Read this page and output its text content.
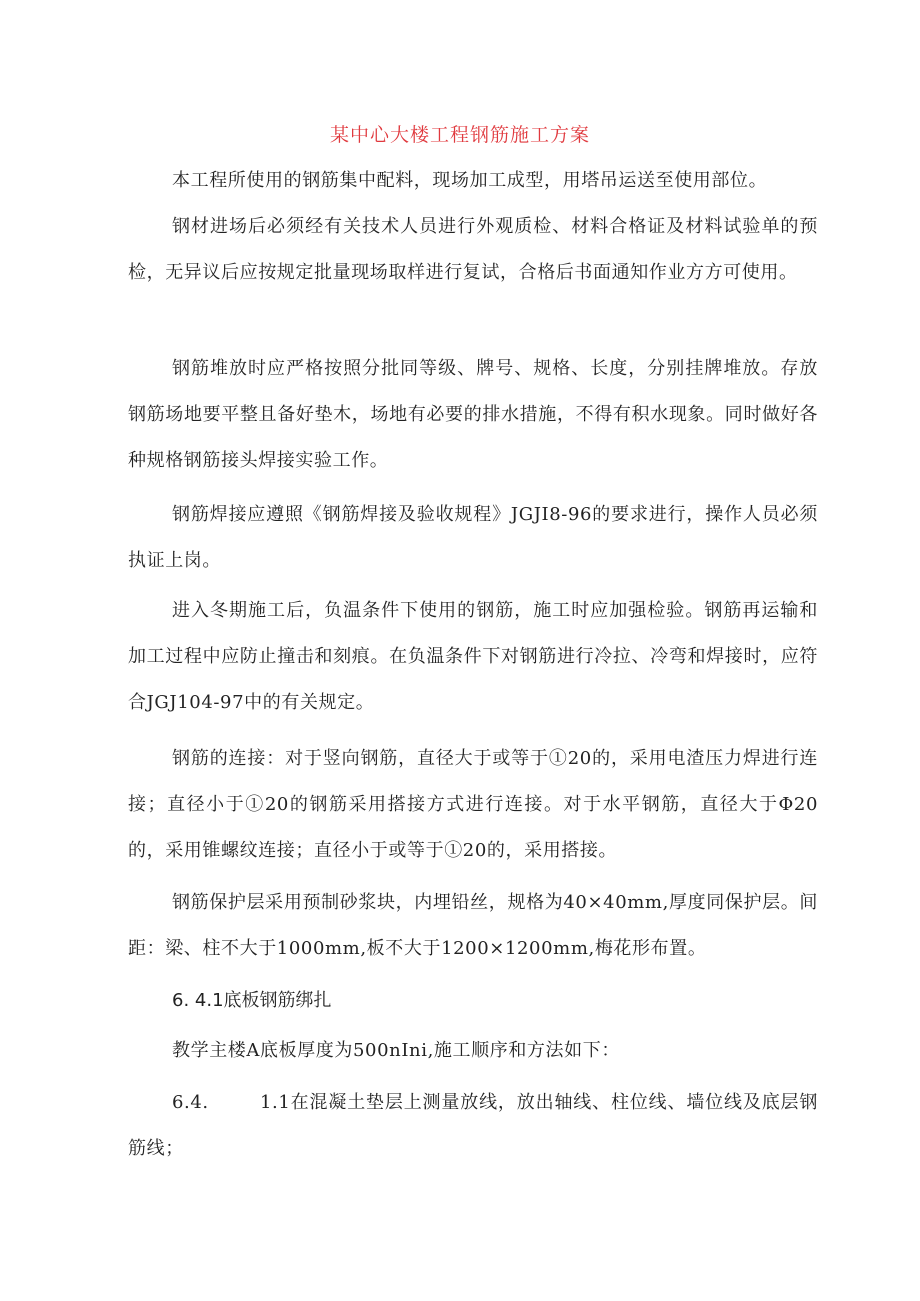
某中心大楼工程钢筋施工方案

本工程所使用的钢筋集中配料，现场加工成型，用塔吊运送至使用部位。

钢材进场后必须经有关技术人员进行外观质检、材料合格证及材料试验单的预检，无异议后应按规定批量现场取样进行复试，合格后书面通知作业方方可使用。

钢筋堆放时应严格按照分批同等级、牌号、规格、长度，分别挂牌堆放。存放钢筋场地要平整且备好垫木，场地有必要的排水措施，不得有积水现象。同时做好各种规格钢筋接头焊接实验工作。

钢筋焊接应遵照《钢筋焊接及验收规程》JGJI8-96的要求进行，操作人员必须执证上岗。

进入冬期施工后，负温条件下使用的钢筋，施工时应加强检验。钢筋再运输和加工过程中应防止撞击和刻痕。在负温条件下对钢筋进行冷拉、冷弯和焊接时，应符合JGJ104-97中的有关规定。

钢筋的连接：对于竖向钢筋，直径大于或等于①20的，采用电渣压力焊进行连接；直径小于①20的钢筋采用搭接方式进行连接。对于水平钢筋，直径大于Φ20的，采用锥螺纹连接；直径小于或等于①20的，采用搭接。

钢筋保护层采用预制砂浆块，内埋铅丝，规格为40×40mm,厚度同保护层。间距：梁、柱不大于1000mm,板不大于1200×1200mm,梅花形布置。

6. 4.1底板钢筋绑扎

教学主楼A底板厚度为500nIni,施工顺序和方法如下：

6.4.	1.1在混凝土垫层上测量放线，放出轴线、柱位线、墙位线及底层钢筋线；
